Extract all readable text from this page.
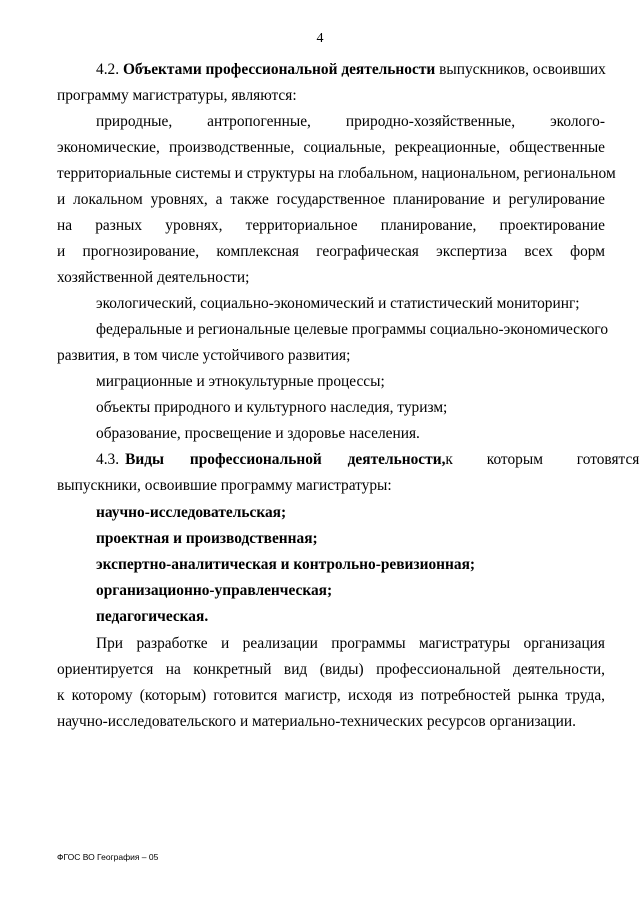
4
4.2. Объектами профессиональной деятельности выпускников, освоивших
программу магистратуры, являются:
природные, антропогенные, природно-хозяйственные, эколого-
экономические, производственные, социальные, рекреационные, общественные
территориальные системы и структуры на глобальном, национальном, региональном
и локальном уровнях, а также государственное планирование и регулирование
на разных уровнях, территориальное планирование, проектирование
и прогнозирование, комплексная географическая экспертиза всех форм
хозяйственной деятельности;
экологический, социально-экономический и статистический мониторинг;
федеральные и региональные целевые программы социально-экономического
развития, в том числе устойчивого развития;
миграционные и этнокультурные процессы;
объекты природного и культурного наследия, туризм;
образование, просвещение и здоровье населения.
4.3. Виды профессиональной деятельности, к которым готовятся
выпускники, освоившие программу магистратуры:
научно-исследовательская;
проектная и производственная;
экспертно-аналитическая и контрольно-ревизионная;
организационно-управленческая;
педагогическая.
При разработке и реализации программы магистратуры организация
ориентируется на конкретный вид (виды) профессиональной деятельности,
к которому (которым) готовится магистр, исходя из потребностей рынка труда,
научно-исследовательского и материально-технических ресурсов организации.
ФГОС ВО География – 05
